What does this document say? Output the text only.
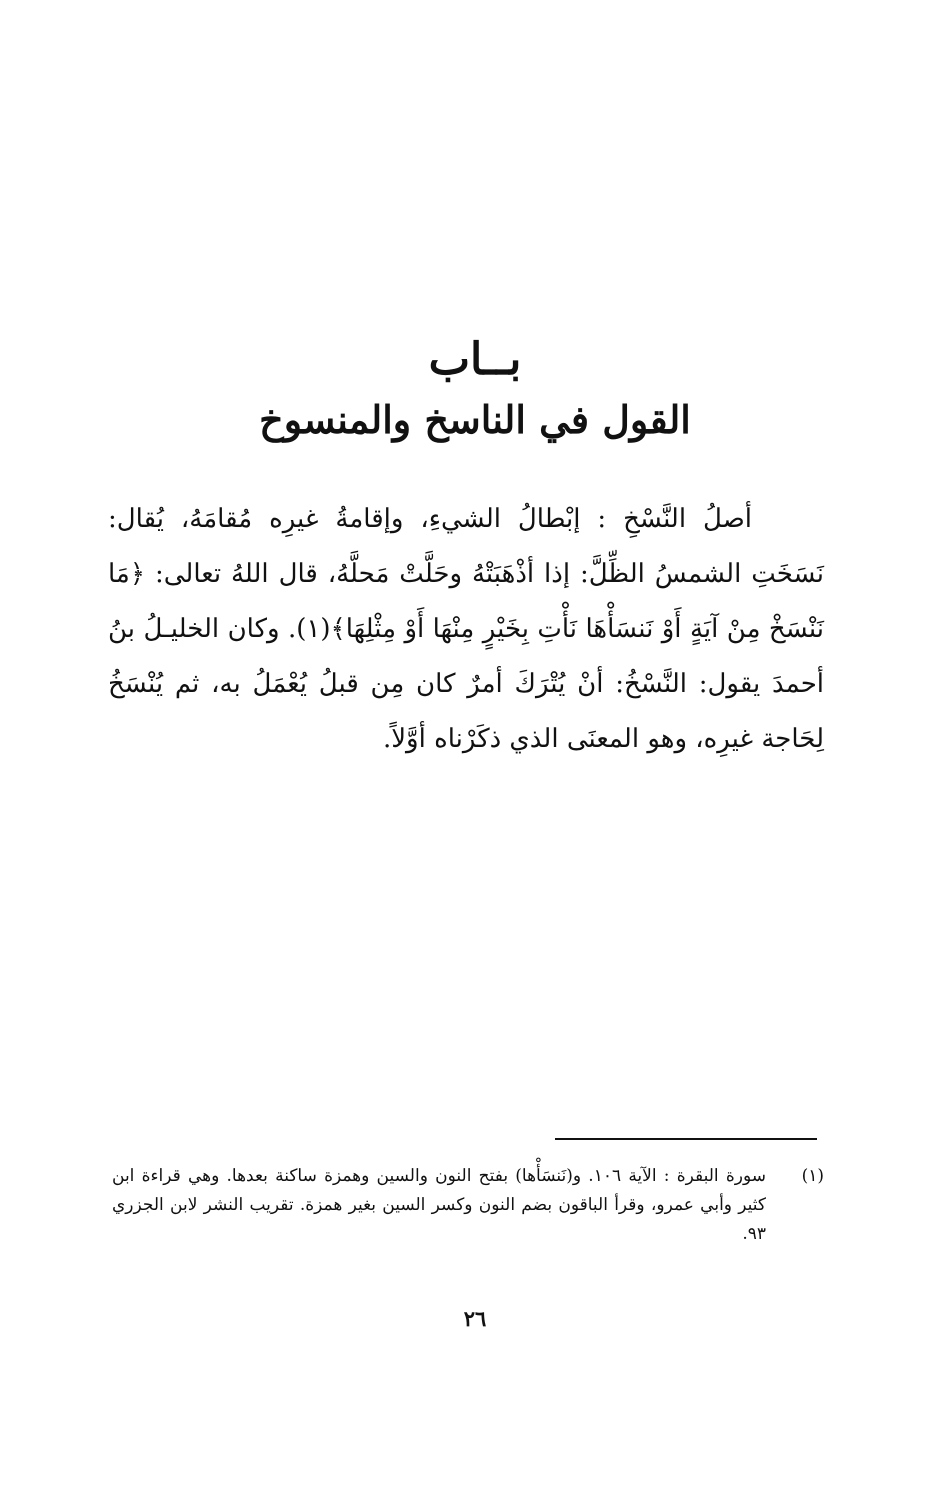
بــاب
القول في الناسخ والمنسوخ

أصلُ النَّسْخِ : إبْطالُ الشيءِ، وإقامةُ غيرِه مُقامَهُ، يُقال: نَسَخَتِ الشمسُ الظِّلَّ: إذا أذْهَبَتْهُ وحَلَّتْ مَحلَّهُ، قال اللهُ تعالى: ﴿مَا نَنْسَخْ مِنْ آيَةٍ أَوْ نَنسَأْهَا نَأْتِ بِخَيْرٍ مِنْهَا أَوْ مِثْلِهَا﴾(١). وكان الخليـلُ بنُ أحمدَ يقول: النَّسْخُ: أنْ يُتْرَكَ أمرٌ كان مِن قبلُ يُعْمَلُ به، ثم يُنْسَخُ لِحَاجة غيرِه، وهو المعنَى الذي ذكَرْناه أوَّلاً.

(١)
سورة البقرة : الآية ١٠٦. و(نَنسَأْها) بفتح النون والسين وهمزة ساكنة بعدها. وهي قراءة ابن كثير وأبي عمرو، وقرأ الباقون بضم النون وكسر السين بغير همزة. تقريب النشر لابن الجزري ٩٣.
٢٦
